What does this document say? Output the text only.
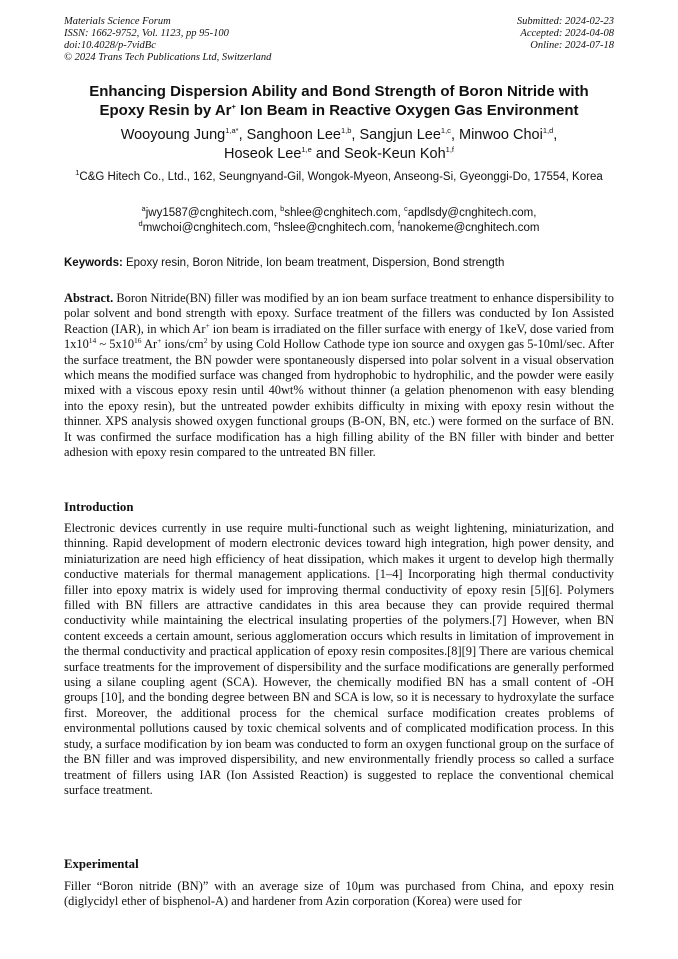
Materials Science Forum
ISSN: 1662-9752, Vol. 1123, pp 95-100
doi:10.4028/p-7vidBc
© 2024 Trans Tech Publications Ltd, Switzerland
Submitted: 2024-02-23
Accepted: 2024-04-08
Online: 2024-07-18
Enhancing Dispersion Ability and Bond Strength of Boron Nitride with
Epoxy Resin by Ar+ Ion Beam in Reactive Oxygen Gas Environment
Wooyoung Jung$^{1,a*}$, Sanghoon Lee$^{1,b}$, Sangjun Lee$^{1,c}$, Minwoo Choi$^{1,d}$,
Hoseok Lee$^{1,e}$ and Seok-Keun Koh$^{1,f}$
$^1$C&G Hitech Co., Ltd., 162, Seungnyand-Gil, Wongok-Myeon, Anseong-Si, Gyeonggi-Do, 17554, Korea
$^a$jwy1587@cnghitech.com, $^b$shlee@cnghitech.com, $^c$apdlsdy@cnghitech.com,
$^d$mwchoi@cnghitech.com, $^e$hslee@cnghitech.com, $^f$nanokeme@cnghitech.com
Keywords: Epoxy resin, Boron Nitride, Ion beam treatment, Dispersion, Bond strength
Abstract. Boron Nitride(BN) filler was modified by an ion beam surface treatment to enhance dispersibility to polar solvent and bond strength with epoxy. Surface treatment of the fillers was conducted by Ion Assisted Reaction (IAR), in which Ar+ ion beam is irradiated on the filler surface with energy of 1keV, dose varied from $1x10^{14}$ ~ $5x10^{16}$ Ar+ ions/$cm^2$ by using Cold Hollow Cathode type ion source and oxygen gas 5-10ml/sec. After the surface treatment, the BN powder were spontaneously dispersed into polar solvent in a visual observation which means the modified surface was changed from hydrophobic to hydrophilic, and the powder were easily mixed with a viscous epoxy resin until 40wt% without thinner (a gelation phenomenon with easy blending into the epoxy resin), but the untreated powder exhibits difficulty in mixing with epoxy resin without the thinner. XPS analysis showed oxygen functional groups (B-ON, BN, etc.) were formed on the surface of BN. It was confirmed the surface modification has a high filling ability of the BN filler with binder and better adhesion with epoxy resin compared to the untreated BN filler.
Introduction
Electronic devices currently in use require multi-functional such as weight lightening, miniaturization, and thinning. Rapid development of modern electronic devices toward high integration, high power density, and miniaturization are need high efficiency of heat dissipation, which makes it urgent to develop high thermally conductive materials for thermal management applications. [1–4] Incorporating high thermal conductivity filler into epoxy matrix is widely used for improving thermal conductivity of epoxy resin [5][6]. Polymers filled with BN fillers are attractive candidates in this area because they can provide required thermal conductivity while maintaining the electrical insulating properties of the polymers.[7] However, when BN content exceeds a certain amount, serious agglomeration occurs which results in limitation of improvement in the thermal conductivity and practical application of epoxy resin composites.[8][9] There are various chemical surface treatments for the improvement of dispersibility and the surface modifications are generally performed using a silane coupling agent (SCA). However, the chemically modified BN has a small content of -OH groups [10], and the bonding degree between BN and SCA is low, so it is necessary to hydroxylate the surface first. Moreover, the additional process for the chemical surface modification creates problems of environmental pollutions caused by toxic chemical solvents and of complicated modification process. In this study, a surface modification by ion beam was conducted to form an oxygen functional group on the surface of the BN filler and was improved dispersibility, and new environmentally friendly process so called a surface treatment of fillers using IAR (Ion Assisted Reaction) is suggested to replace the conventional chemical surface treatment.
Experimental
Filler “Boron nitride (BN)” with an average size of 10μm was purchased from China, and epoxy resin (diglycidyl ether of bisphenol-A) and hardener from Azin corporation (Korea) were used for
